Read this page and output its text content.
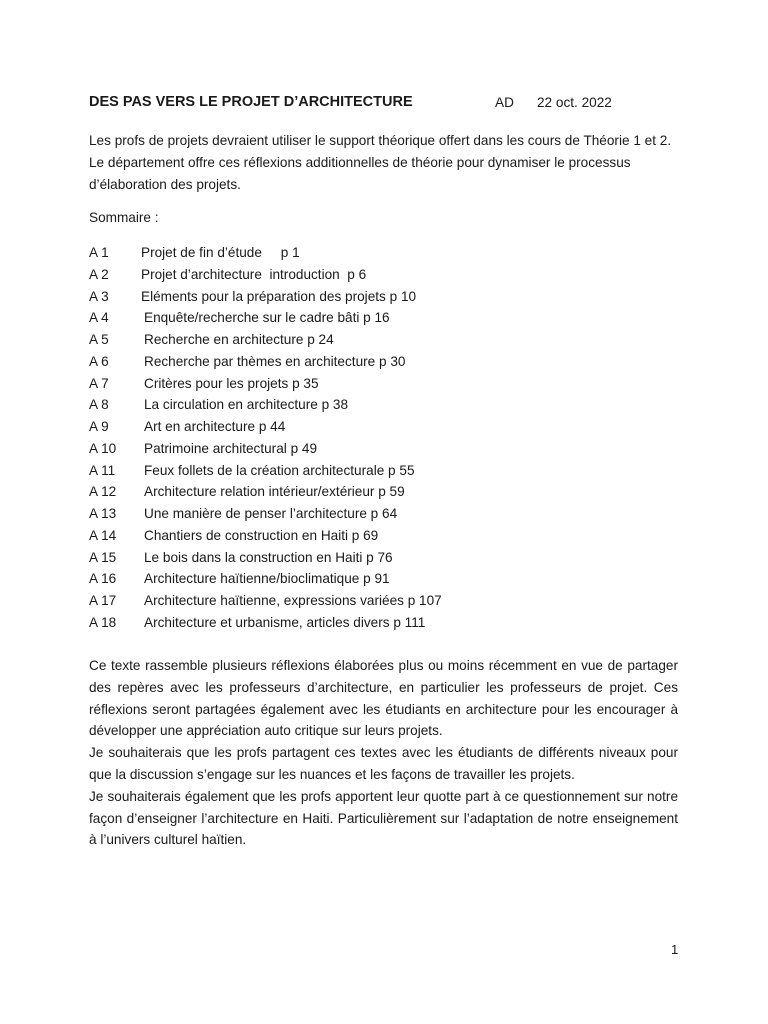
DES PAS VERS LE PROJET D’ARCHITECTURE	AD 22 oct. 2022

Les profs de projets devraient utiliser le support théorique offert dans les cours de Théorie 1 et 2. Le département offre ces réflexions additionnelles de théorie pour dynamiser le processus d’élaboration des projets.

Sommaire :

A 1 Projet de fin d’étude     p 1
A 2 Projet d’architecture  introduction  p 6
A 3 Eléments pour la préparation des projets p 10
A 4	Enquête/recherche sur le cadre bâti p 16
A 5	Recherche en architecture p 24
A 6	Recherche par thèmes en architecture p 30
A 7	Critères pour les projets p 35
A 8	La circulation en architecture p 38
A 9	Art en architecture p 44
A 10 Patrimoine architectural p 49
A 11 Feux follets de la création architecturale p 55
A 12 Architecture relation intérieur/extérieur p 59
A 13 Une manière de penser l’architecture p 64
A 14 Chantiers de construction en Haiti p 69
A 15 Le bois dans la construction en Haiti p 76
A 16 Architecture haïtienne/bioclimatique p 91
A 17 Architecture haïtienne, expressions variées p 107
A 18 Architecture et urbanisme, articles divers p 111

Ce texte rassemble plusieurs réflexions élaborées plus ou moins récemment en vue de partager des repères avec les professeurs d’architecture, en particulier les professeurs de projet. Ces réflexions seront partagées également avec les étudiants en architecture pour les encourager à développer une appréciation auto critique sur leurs projets.

Je souhaiterais que les profs partagent ces textes avec les étudiants de différents niveaux pour que la discussion s’engage sur les nuances et les façons de travailler les projets.

Je souhaiterais également que les profs apportent leur quotte part à ce questionnement sur notre façon d’enseigner l’architecture en Haiti. Particulièrement sur l’adaptation de notre enseignement à l’univers culturel haïtien.

1
